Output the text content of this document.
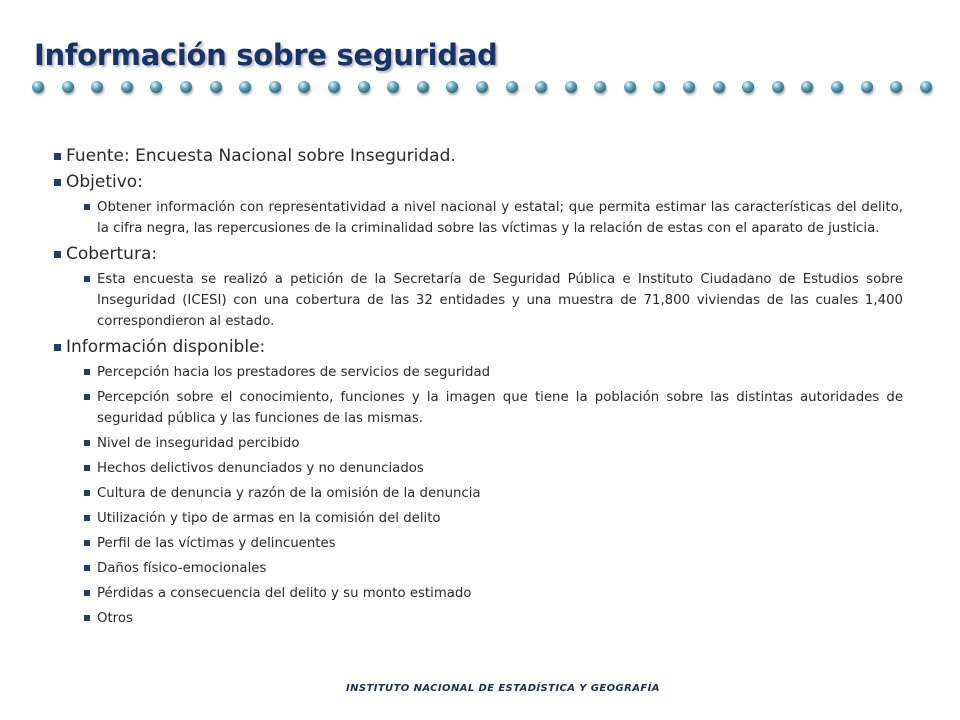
Información sobre seguridad
Fuente: Encuesta Nacional sobre Inseguridad.
Objetivo:
Obtener información con representatividad a nivel nacional y estatal; que permita estimar las características del delito, la cifra negra, las repercusiones de la criminalidad sobre las víctimas y la relación de estas con el aparato de justicia.
Cobertura:
Esta encuesta se realizó a petición de la Secretaría de Seguridad Pública e Instituto Ciudadano de Estudios sobre Inseguridad (ICESI) con una cobertura de las 32 entidades y una muestra de 71,800 viviendas de las cuales 1,400 correspondieron al estado.
Información disponible:
Percepción hacia los prestadores de servicios de seguridad
Percepción sobre el conocimiento, funciones y la imagen que tiene la población sobre las distintas autoridades de seguridad pública y las funciones de las mismas.
Nivel de inseguridad percibido
Hechos delictivos denunciados y no denunciados
Cultura de denuncia y razón de la omisión de la denuncia
Utilización y tipo de armas en la comisión del delito
Perfil de las víctimas y delincuentes
Daños físico-emocionales
Pérdidas a consecuencia del delito y su monto estimado
Otros
INSTITUTO NACIONAL DE ESTADÍSTICA Y GEOGRAFÍA
